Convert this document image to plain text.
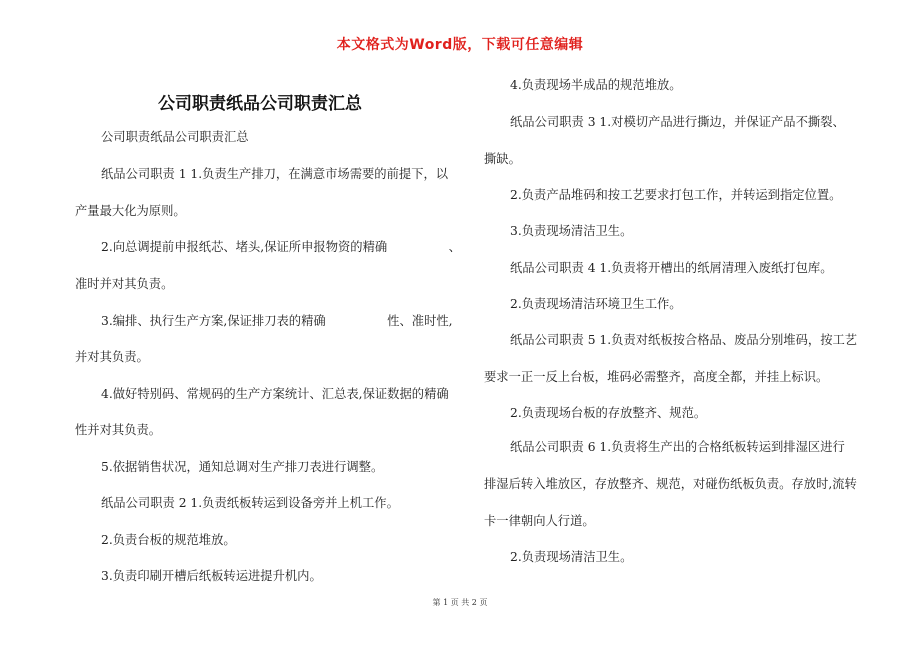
本文格式为Word版，下载可任意编辑
公司职责纸品公司职责汇总
公司职责纸品公司职责汇总
纸品公司职责 1 1.负责生产排刀，在满意市场需要的前提下，以
产量最大化为原则。
2.向总调提前申报纸芯、堵头,保证所申报物资的精确　　　　　、
准时并对其负责。
3.编排、执行生产方案,保证排刀表的精确　　　　　性、准时性,
并对其负责。
4.做好特别码、常规码的生产方案统计、汇总表,保证数据的精确
性并对其负责。
5.依据销售状况，通知总调对生产排刀表进行调整。
纸品公司职责 2 1.负责纸板转运到设备旁并上机工作。
2.负责台板的规范堆放。
3.负责印刷开槽后纸板转运进提升机内。
4.负责现场半成品的规范堆放。
纸品公司职责 3 1.对模切产品进行撕边，并保证产品不撕裂、
撕缺。
2.负责产品堆码和按工艺要求打包工作，并转运到指定位置。
3.负责现场清洁卫生。
纸品公司职责 4 1.负责将开槽出的纸屑清理入废纸打包库。
2.负责现场清洁环境卫生工作。
纸品公司职责 5 1.负责对纸板按合格品、废品分别堆码，按工艺
要求一正一反上台板，堆码必需整齐，高度全都，并挂上标识。
2.负责现场台板的存放整齐、规范。
纸品公司职责 6 1.负责将生产出的合格纸板转运到排湿区进行
排湿后转入堆放区，存放整齐、规范，对碰伤纸板负责。存放时,流转
卡一律朝向人行道。
2.负责现场清洁卫生。
第 1 页 共 2 页
